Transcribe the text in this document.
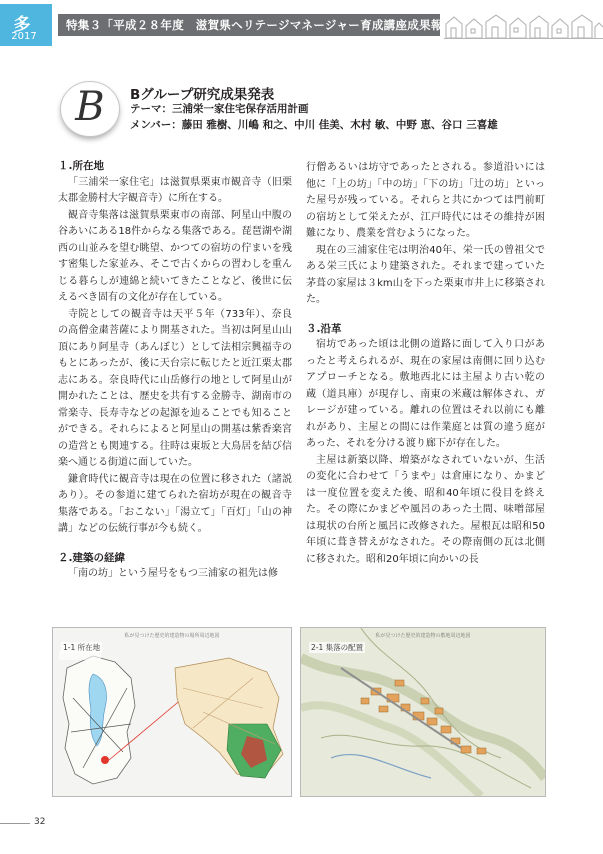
多
2017
特集３「平成２８年度　滋賀県ヘリテージマネージャー育成講座成果報告」
B	Bグループ研究成果発表
テーマ：三浦栄一家住宅保存活用計画
メンバー：藤田 雅樹、川嶋 和之、中川 佳美、木村 敏、中野 恵、谷口 三喜雄

１.所在地

「三浦栄一家住宅」は滋賀県栗東市観音寺（旧栗太郡金勝村大字観音寺）に所在する。

観音寺集落は滋賀県栗東市の南部、阿星山中腹の谷あいにある18件からなる集落である。琵琶湖や湖西の山並みを望む眺望、かつての宿坊の佇まいを残す密集した家並み、そこで古くからの習わしを重んじる暮らしが連綿と続いてきたことなど、後世に伝えるべき固有の文化が存在している。

寺院としての観音寺は天平５年（733年）、奈良の高僧金粛菩薩により開基された。当初は阿星山山頂にあり阿星寺（あんぼじ）として法相宗興福寺のもとにあったが、後に天台宗に転じたと近江栗太郡志にある。奈良時代に山岳修行の地として阿星山が開かれたことは、歴史を共有する金勝寺、湖南市の常楽寺、長寿寺などの起源を辿ることでも知ることができる。それらによると阿星山の開基は紫香楽宮の造営とも関連する。往時は東坂と大鳥居を結び信楽へ通じる街道に面していた。

鎌倉時代に観音寺は現在の位置に移された（諸説あり）。その参道に建てられた宿坊が現在の観音寺集落である。「おこない」「湯立て」「百灯」「山の神講」などの伝統行事が今も続く。

２.建築の経緯

「南の坊」という屋号をもつ三浦家の祖先は修

行僧あるいは坊守であったとされる。参道沿いには他に「上の坊」「中の坊」「下の坊」「辻の坊」といった屋号が残っている。それらと共にかつては門前町の宿坊として栄えたが、江戸時代にはその維持が困難になり、農業を営むようになった。

現在の三浦家住宅は明治40年、栄一氏の曾祖父である栄三氏により建築された。それまで建っていた茅葺の家屋は３km山を下った栗東市井上に移築された。

３.沿革

宿坊であった頃は北側の道路に面して入り口があったと考えられるが、現在の家屋は南側に回り込むアプローチとなる。敷地西北には主屋より古い乾の蔵（道具庫）が現存し、南東の米蔵は解体され、ガレージが建っている。離れの位置はそれ以前にも離れがあり、主屋との間には作業庭とは質の違う庭があった、それを分ける渡り廊下が存在した。

主屋は新築以降、増築がなされていないが、生活の変化に合わせて「うまや」は倉庫になり、かまどは一度位置を変えた後、昭和40年頃に役目を終えた。その際にかまどや風呂のあった土間、味噌部屋は現状の台所と風呂に改修された。屋根瓦は昭和50年頃に葺き替えがなされた。その際南側の瓦は北側に移された。昭和20年頃に向かいの長

私が見つけた歴史的建造物の場所周辺地図
1-1 所在地
私が見つけた歴史的建造物の敷地周辺地図
2-1 集落の配置
32
